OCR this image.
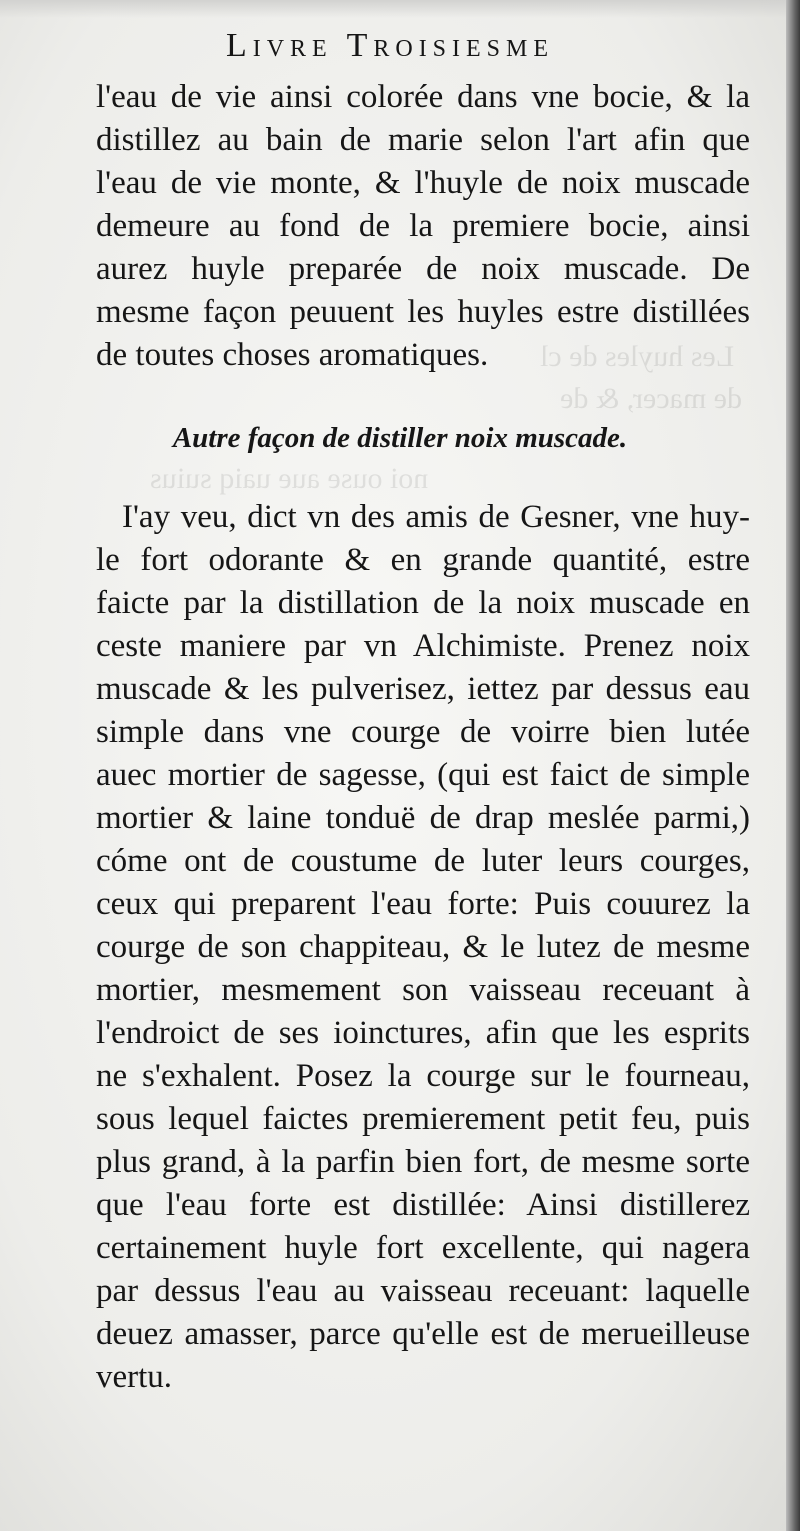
Les huyles de cl
de macer, & de
noi ouse aue uaiq suius
Livre Troisiesme
l'eau de vie ainsi colorée dans vne bocie, & la
distillez au bain de marie selon l'art afin que
l'eau de vie monte, & l'huyle de noix muscade
demeure au fond de la premiere bocie, ainsi
aurez huyle preparée de noix muscade. De
mesme façon peuuent les huyles estre distillées
de toutes choses aromatiques.
Autre façon de distiller noix muscade.
I'ay veu, dict vn des amis de Gesner, vne huy-
le fort odorante & en grande quantité, estre
faicte par la distillation de la noix muscade en
ceste maniere par vn Alchimiste. Prenez noix
muscade & les pulverisez, iettez par dessus eau
simple dans vne courge de voirre bien lutée
auec mortier de sagesse, (qui est faict de simple
mortier & laine tonduë de drap meslée parmi,)
cóme ont de coustume de luter leurs courges,
ceux qui preparent l'eau forte: Puis couurez la
courge de son chappiteau, & le lutez de mesme
mortier, mesmement son vaisseau receuant à
l'endroict de ses ioinctures, afin que les esprits
ne s'exhalent. Posez la courge sur le fourneau,
sous lequel faictes premierement petit feu, puis
plus grand, à la parfin bien fort, de mesme sorte
que l'eau forte est distillée: Ainsi distillerez
certainement huyle fort excellente, qui nagera
par dessus l'eau au vaisseau receuant: laquelle
deuez amasser, parce qu'elle est de merueilleuse
vertu.
